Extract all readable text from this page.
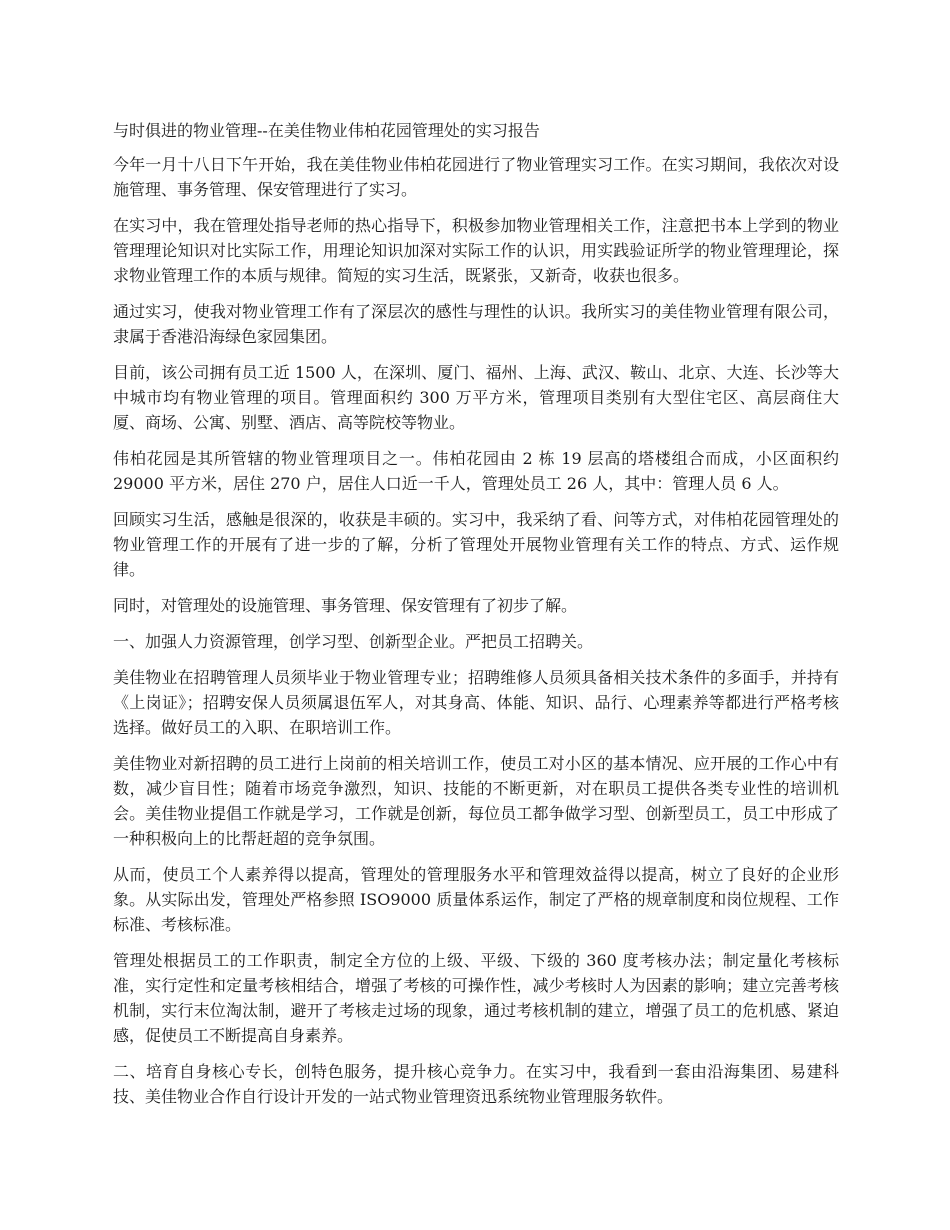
与时俱进的物业管理--在美佳物业伟柏花园管理处的实习报告

今年一月十八日下午开始，我在美佳物业伟柏花园进行了物业管理实习工作。在实习期间，我依次对设施管理、事务管理、保安管理进行了实习。

在实习中，我在管理处指导老师的热心指导下，积极参加物业管理相关工作，注意把书本上学到的物业管理理论知识对比实际工作，用理论知识加深对实际工作的认识，用实践验证所学的物业管理理论，探求物业管理工作的本质与规律。简短的实习生活，既紧张，又新奇，收获也很多。

通过实习，使我对物业管理工作有了深层次的感性与理性的认识。我所实习的美佳物业管理有限公司，隶属于香港沿海绿色家园集团。

目前，该公司拥有员工近 1500 人，在深圳、厦门、福州、上海、武汉、鞍山、北京、大连、长沙等大中城市均有物业管理的项目。管理面积约 300 万平方米，管理项目类别有大型住宅区、高层商住大厦、商场、公寓、别墅、酒店、高等院校等物业。

伟柏花园是其所管辖的物业管理项目之一。伟柏花园由 2 栋 19 层高的塔楼组合而成，小区面积约 29000 平方米，居住 270 户，居住人口近一千人，管理处员工 26 人，其中：管理人员 6 人。

回顾实习生活，感触是很深的，收获是丰硕的。实习中，我采纳了看、问等方式，对伟柏花园管理处的物业管理工作的开展有了进一步的了解，分析了管理处开展物业管理有关工作的特点、方式、运作规律。

同时，对管理处的设施管理、事务管理、保安管理有了初步了解。

一、加强人力资源管理，创学习型、创新型企业。严把员工招聘关。

美佳物业在招聘管理人员须毕业于物业管理专业；招聘维修人员须具备相关技术条件的多面手，并持有《上岗证》；招聘安保人员须属退伍军人，对其身高、体能、知识、品行、心理素养等都进行严格考核选择。做好员工的入职、在职培训工作。

美佳物业对新招聘的员工进行上岗前的相关培训工作，使员工对小区的基本情况、应开展的工作心中有数，减少盲目性；随着市场竞争激烈，知识、技能的不断更新，对在职员工提供各类专业性的培训机会。美佳物业提倡工作就是学习，工作就是创新，每位员工都争做学习型、创新型员工，员工中形成了一种积极向上的比帮赶超的竞争氛围。

从而，使员工个人素养得以提高，管理处的管理服务水平和管理效益得以提高，树立了良好的企业形象。从实际出发，管理处严格参照 ISO9000 质量体系运作，制定了严格的规章制度和岗位规程、工作标准、考核标准。

管理处根据员工的工作职责，制定全方位的上级、平级、下级的 360 度考核办法；制定量化考核标准，实行定性和定量考核相结合，增强了考核的可操作性，减少考核时人为因素的影响；建立完善考核机制，实行末位淘汰制，避开了考核走过场的现象，通过考核机制的建立，增强了员工的危机感、紧迫感，促使员工不断提高自身素养。

二、培育自身核心专长，创特色服务，提升核心竞争力。在实习中，我看到一套由沿海集团、易建科技、美佳物业合作自行设计开发的一站式物业管理资迅系统物业管理服务软件。
